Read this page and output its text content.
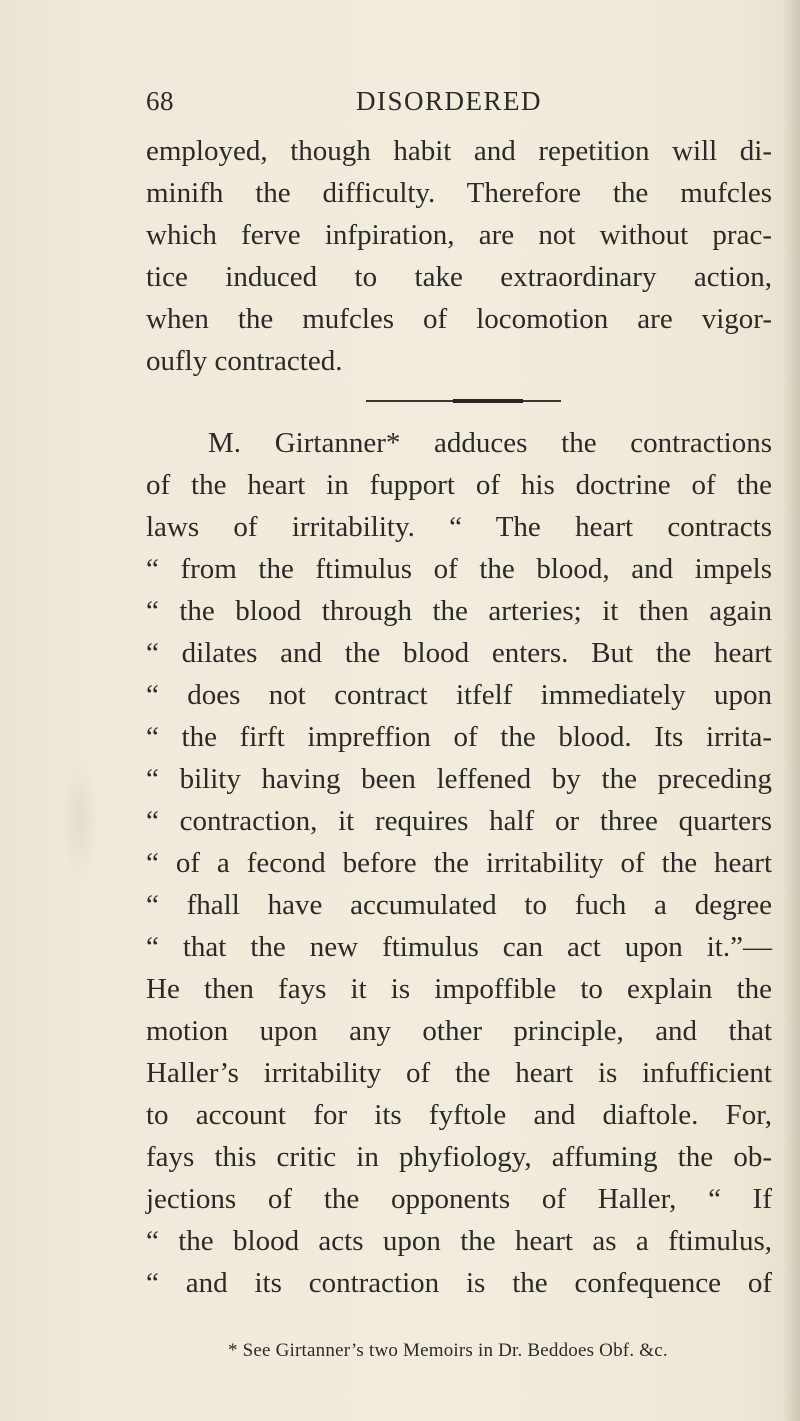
68	DISORDERED
employed, though habit and repetition will di-
minifh the difficulty. Therefore the mufcles
which ferve infpiration, are not without prac-
tice induced to take extraordinary action,
when the mufcles of locomotion are vigor-
oufly contracted.
M. Girtanner* adduces the contractions
of the heart in fupport of his doctrine of the
laws of irritability. “ The heart contracts
“ from the ftimulus of the blood, and impels
“ the blood through the arteries; it then again
“ dilates and the blood enters. But the heart
“ does not contract itfelf immediately upon
“ the firft impreffion of the blood. Its irrita-
“ bility having been leffened by the preceding
“ contraction, it requires half or three quarters
“ of a fecond before the irritability of the heart
“ fhall have accumulated to fuch a degree
“ that the new ftimulus can act upon it.”—
He then fays it is impoffible to explain the
motion upon any other principle, and that
Haller’s irritability of the heart is infufficient
to account for its fyftole and diaftole. For,
fays this critic in phyfiology, affuming the ob-
jections of the opponents of Haller, “ If
“ the blood acts upon the heart as a ftimulus,
“ and its contraction is the confequence of
* See Girtanner’s two Memoirs in Dr. Beddoes Obf. &c.
